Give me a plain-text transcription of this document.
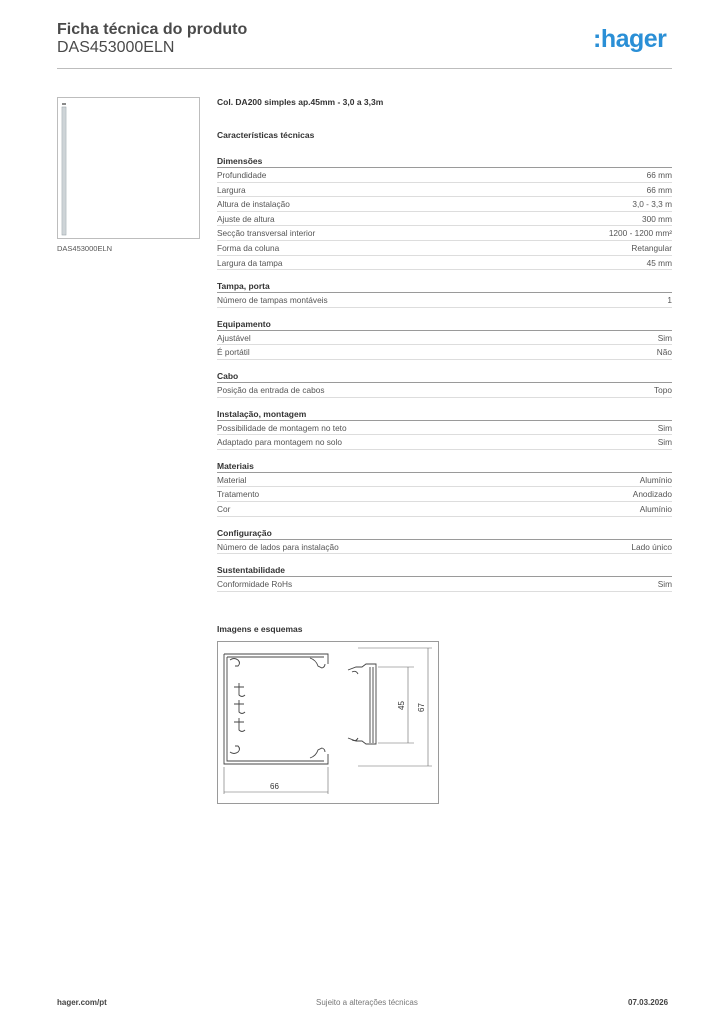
Ficha técnica do produto
DAS453000ELN	:hager
DAS453000ELN
Col. DA200 simples ap.45mm - 3,0 a 3,3m
Características técnicas
Dimensões
Profundidade	66 mm
Largura	66 mm
Altura de instalação	3,0 - 3,3 m
Ajuste de altura	300 mm
Secção transversal interior	1200 - 1200 mm²
Forma da coluna	Retangular
Largura da tampa	45 mm
Tampa, porta
Número de tampas montáveis	1
Equipamento
Ajustável	Sim
É portátil	Não
Cabo
Posição da entrada de cabos	Topo
Instalação, montagem
Possibilidade de montagem no teto	Sim
Adaptado para montagem no solo	Sim
Materiais
Material	Alumínio
Tratamento	Anodizado
Cor	Alumínio
Configuração
Número de lados para instalação	Lado único
Sustentabilidade
Conformidade RoHs	Sim
Imagens e esquemas
66
45 67
hager.com/pt	Sujeito a alterações técnicas	07.03.2026
